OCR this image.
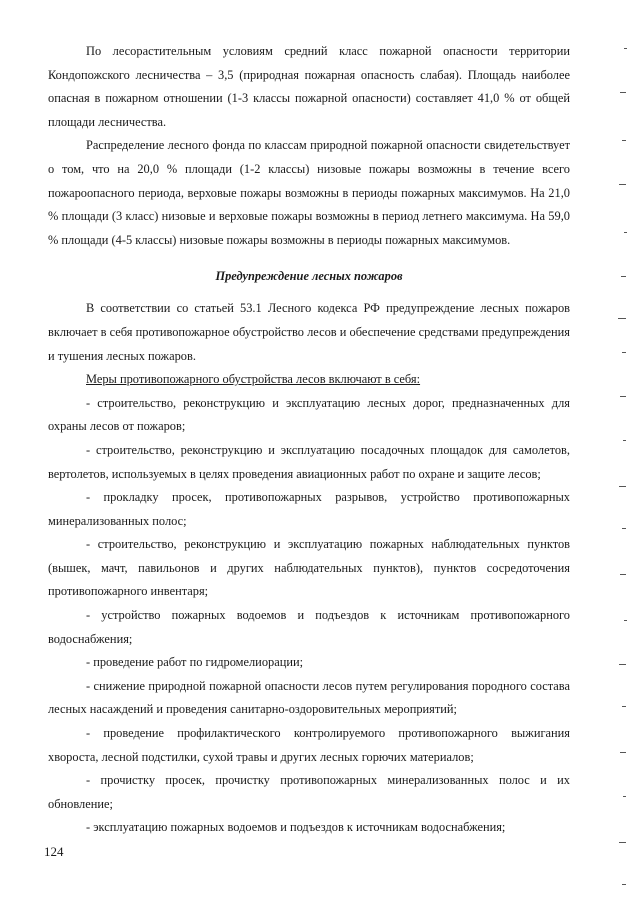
По лесорастительным условиям средний класс пожарной опасности территории Кондопожского лесничества – 3,5 (природная пожарная опасность слабая). Площадь наиболее опасная в пожарном отношении (1-3 классы пожарной опасности) составляет 41,0 % от общей площади лесничества.

Распределение лесного фонда по классам природной пожарной опасности свидетельствует о том, что на 20,0 % площади (1-2 классы) низовые пожары возможны в течение всего пожароопасного периода, верховые пожары возможны в периоды пожарных максимумов. На 21,0 % площади (3 класс) низовые и верховые пожары возможны в период летнего максимума. На 59,0 % площади (4-5 классы) низовые пожары возможны в периоды пожарных максимумов.

Предупреждение лесных пожаров

В соответствии со статьей 53.1 Лесного кодекса РФ предупреждение лесных пожаров включает в себя противопожарное обустройство лесов и обеспечение средствами предупреждения и тушения лесных пожаров.

Меры противопожарного обустройства лесов включают в себя:

- строительство, реконструкцию и эксплуатацию лесных дорог, предназначенных для охраны лесов от пожаров;

- строительство, реконструкцию и эксплуатацию посадочных площадок для самолетов, вертолетов, используемых в целях проведения авиационных работ по охране и защите лесов;

- прокладку просек, противопожарных разрывов, устройство противопожарных минерализованных полос;

- строительство, реконструкцию и эксплуатацию пожарных наблюдательных пунктов (вышек, мачт, павильонов и других наблюдательных пунктов), пунктов сосредоточения противопожарного инвентаря;

- устройство пожарных водоемов и подъездов к источникам противопожарного водоснабжения;

- проведение работ по гидромелиорации;

- снижение природной пожарной опасности лесов путем регулирования породного состава лесных насаждений и проведения санитарно-оздоровительных мероприятий;

- проведение профилактического контролируемого противопожарного выжигания хвороста, лесной подстилки, сухой травы и других лесных горючих материалов;

- прочистку просек, прочистку противопожарных минерализованных полос и их обновление;

- эксплуатацию пожарных водоемов и подъездов к источникам водоснабжения;

124
